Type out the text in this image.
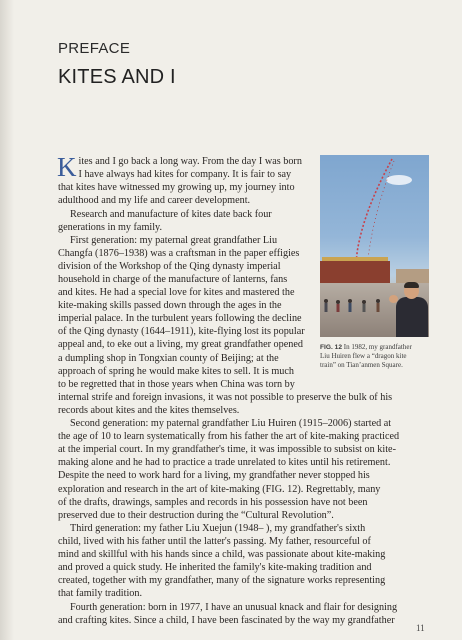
PREFACE
KITES AND I
K ites and I go back a long way. From the day I was born
I have always had kites for company. It is fair to say
that kites have witnessed my growing up, my journey into
adulthood and my life and career development.
Research and manufacture of kites date back four
generations in my family.
First generation: my paternal great grandfather Liu
Changfa (1876–1938) was a craftsman in the paper effigies
division of the Workshop of the Qing dynasty imperial
household in charge of the manufacture of lanterns, fans
and kites. He had a special love for kites and mastered the
kite-making skills passed down through the ages in the
imperial palace. In the turbulent years following the decline
of the Qing dynasty (1644–1911), kite-flying lost its popular
appeal and, to eke out a living, my great grandfather opened
a dumpling shop in Tongxian county of Beijing; at the
approach of spring he would make kites to sell. It is much
to be regretted that in those years when China was torn by
internal strife and foreign invasions, it was not possible to preserve the bulk of his
records about kites and the kites themselves.
Second generation: my paternal grandfather Liu Huiren (1915–2006) started at
the age of 10 to learn systematically from his father the art of kite-making practiced
at the imperial court. In my grandfather's time, it was impossible to subsist on kite-
making alone and he had to practice a trade unrelated to kites until his retirement.
Despite the need to work hard for a living, my grandfather never stopped his
exploration and research in the art of kite-making (FIG. 12). Regrettably, many
of the drafts, drawings, samples and records in his possession have not been
preserved due to their destruction during the “Cultural Revolution”.
Third generation: my father Liu Xuejun (1948– ), my grandfather's sixth
child, lived with his father until the latter's passing. My father, resourceful of
mind and skillful with his hands since a child, was passionate about kite-making
and proved a quick study. He inherited the family's kite-making tradition and
created, together with my grandfather, many of the signature works representing
that family tradition.
Fourth generation: born in 1977, I have an unusual knack and flair for designing
and crafting kites. Since a child, I have been fascinated by the way my grandfather
FIG. 12 In 1982, my grandfather
Liu Huiren flew a “dragon kite
train” on Tian’anmen Square.
11
